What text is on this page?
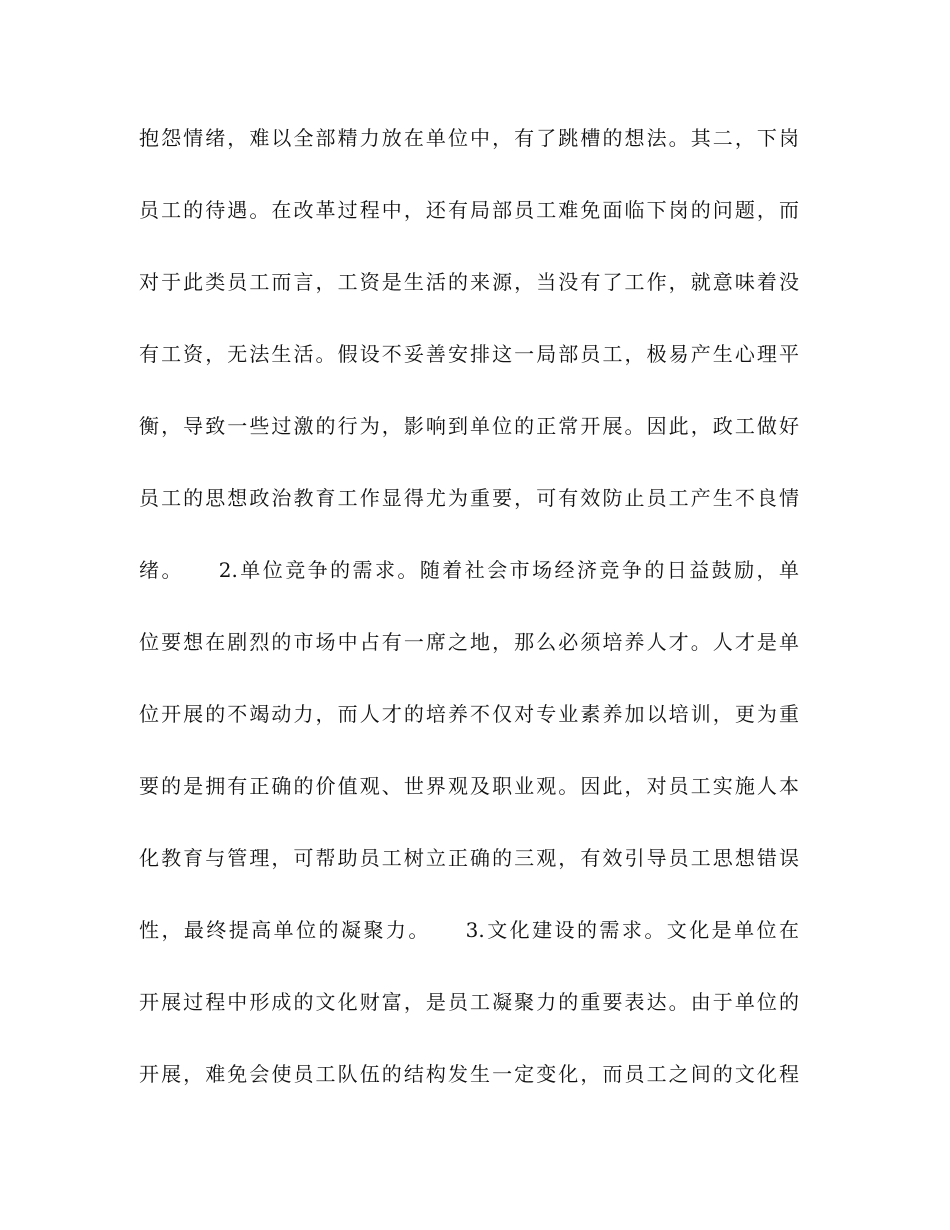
抱怨情绪，难以全部精力放在单位中，有了跳槽的想法。其二，下岗
员工的待遇。在改革过程中，还有局部员工难免面临下岗的问题，而
对于此类员工而言，工资是生活的来源，当没有了工作，就意味着没
有工资，无法生活。假设不妥善安排这一局部员工，极易产生心理平
衡，导致一些过激的行为，影响到单位的正常开展。因此，政工做好
员工的思想政治教育工作显得尤为重要，可有效防止员工产生不良情
绪。　　2.单位竞争的需求。随着社会市场经济竞争的日益鼓励，单
位要想在剧烈的市场中占有一席之地，那么必须培养人才。人才是单
位开展的不竭动力，而人才的培养不仅对专业素养加以培训，更为重
要的是拥有正确的价值观、世界观及职业观。因此，对员工实施人本
化教育与管理，可帮助员工树立正确的三观，有效引导员工思想错误
性，最终提高单位的凝聚力。　　3.文化建设的需求。文化是单位在
开展过程中形成的文化财富，是员工凝聚力的重要表达。由于单位的
开展，难免会使员工队伍的结构发生一定变化，而员工之间的文化程
